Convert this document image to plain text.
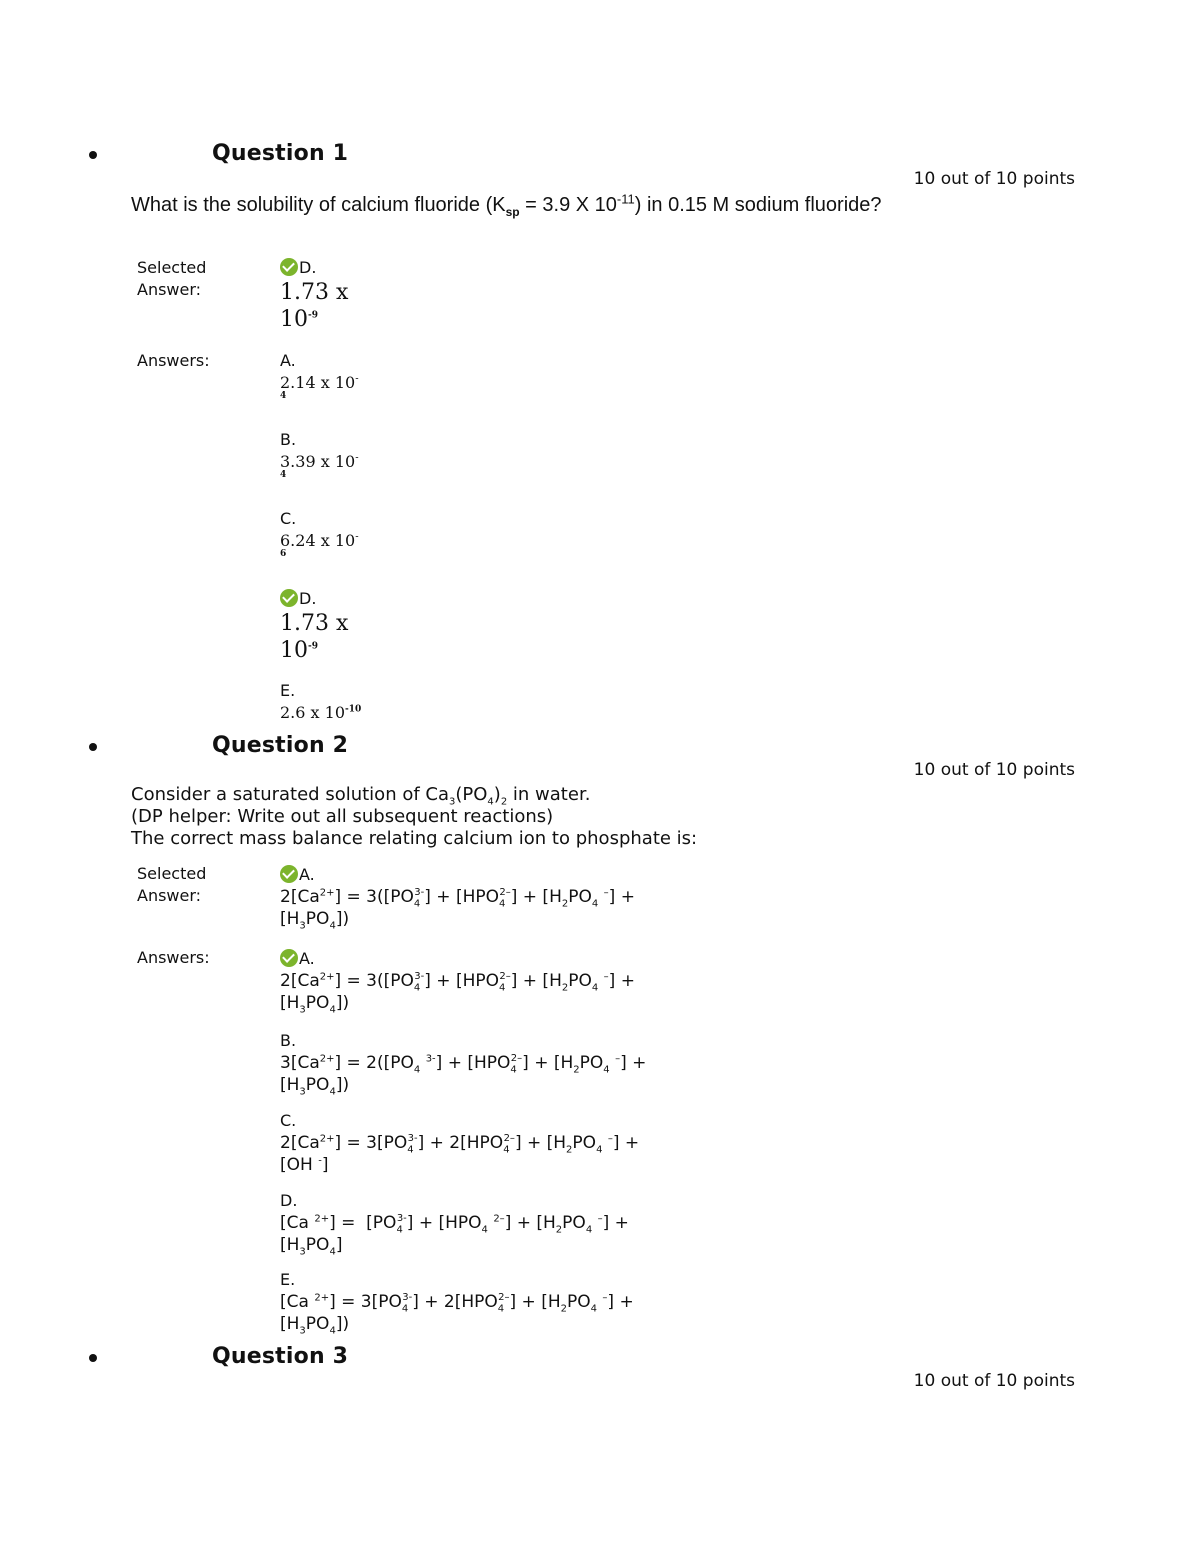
Question 1
10 out of 10 points
What is the solubility of calcium fluoride ($K_{sp} = 3.9$ X $10^{-11}$) in 0.15 M sodium fluoride?
Selected Answer:
D.
1.73 x
$10^{-9}$
Answers:	A.
2.14 x 10-
$^4$
B.
3.39 x 10-
$^4$
C.
6.24 x 10-
$^6$
D.
1.73 x
$10^{-9}$
E.
2.6 x $10^{-10}$
Question 2
10 out of 10 points
Consider a saturated solution of $Ca_3(PO_4)_2$ in water.
(DP helper: Write out all subsequent reactions)
The correct mass balance relating calcium ion to phosphate is:
Selected Answer:
A.
$2[Ca^{2+}] = 3([PO_4^{3-}] + [HPO_4^{2-}] + [H_2PO_4$ –] +
$[H_3PO_4]$)
Answers:	A.
$2[Ca^{2+}] = 3([PO_4^{3-}] + [HPO_4^{2-}] + [H_2PO_4$ –] +
$[H_3PO_4]$)
B.
$3[Ca^{2+}] = 2([PO_4$ $^{3-}] + [HPO_4^{2-}] + [H_2PO_4$ –] +
$[H_3PO_4]$)
C.
$2[Ca^{2+}] = 3[PO_4^{3-}] + 2[HPO_4^{2-}] + [H_2PO_4$ –] +
[OH -]
D.
[Ca $^{2+}] = [PO_4^{3-}] + [HPO_4$ $^{2-}] + [H_2PO_4$ –] +
$[H_3PO_4]$
E.
[Ca $^{2+}] = 3[PO_4^{3-}] + 2[HPO_4^{2-}] + [H_2PO_4$ –] +
$[H_3PO_4]$)
Question 3
10 out of 10 points
